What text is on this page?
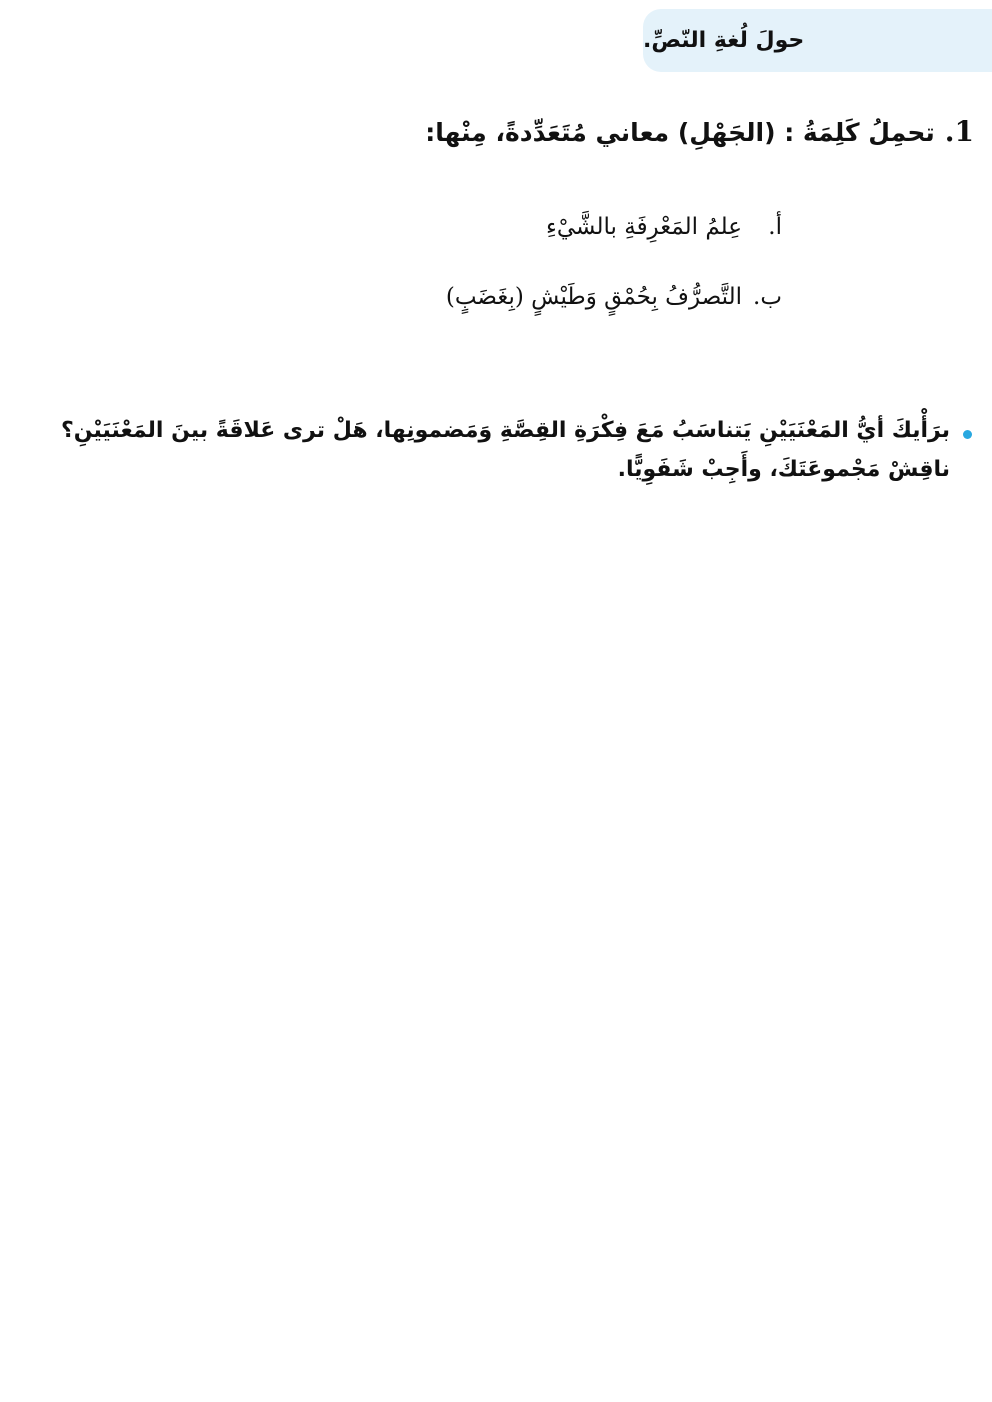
حولَ لُغةِ النّصِّ.
1.تحمِلُ كَلِمَةُ : (الجَهْلِ) معاني مُتَعَدِّدةً، مِنْها:
أ.
عِلمُ المَعْرِفَةِ بالشَّيْءِ
ب.
التَّصرُّفُ بِحُمْقٍ وَطَيْشٍ (بِغَضَبٍ)
برَأْيكَ أيُّ المَعْنَيَيْنِ يَتناسَبُ مَعَ فِكْرَةِ القِصَّةِ وَمَضمونِها، هَلْ ترى عَلاقَةً بينَ المَعْنَيَيْنِ؟ ناقِشْ مَجْموعَتَكَ، وأَجِبْ شَفَوِيًّا.
